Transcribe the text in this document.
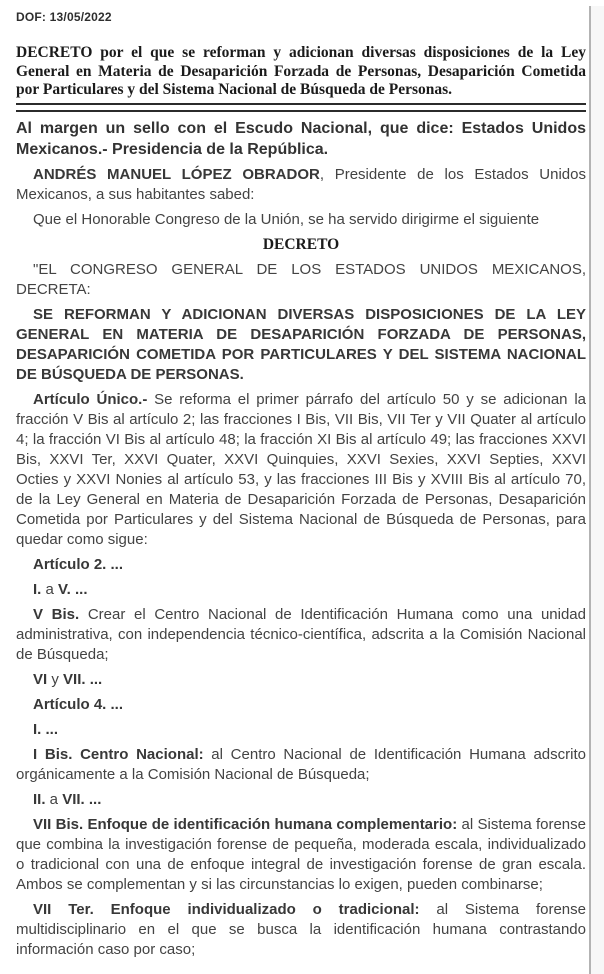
DOF: 13/05/2022
DECRETO por el que se reforman y adicionan diversas disposiciones de la Ley General en Materia de Desaparición Forzada de Personas, Desaparición Cometida por Particulares y del Sistema Nacional de Búsqueda de Personas.

Al margen un sello con el Escudo Nacional, que dice: Estados Unidos Mexicanos.- Presidencia de la República.

ANDRÉS MANUEL LÓPEZ OBRADOR, Presidente de los Estados Unidos Mexicanos, a sus habitantes sabed:

Que el Honorable Congreso de la Unión, se ha servido dirigirme el siguiente

DECRETO

"EL CONGRESO GENERAL DE LOS ESTADOS UNIDOS MEXICANOS, DECRETA:

SE REFORMAN Y ADICIONAN DIVERSAS DISPOSICIONES DE LA LEY GENERAL EN MATERIA DE DESAPARICIÓN FORZADA DE PERSONAS, DESAPARICIÓN COMETIDA POR PARTICULARES Y DEL SISTEMA NACIONAL DE BÚSQUEDA DE PERSONAS.

Artículo Único.- Se reforma el primer párrafo del artículo 50 y se adicionan la fracción V Bis al artículo 2; las fracciones I Bis, VII Bis, VII Ter y VII Quater al artículo 4; la fracción VI Bis al artículo 48; la fracción XI Bis al artículo 49; las fracciones XXVI Bis, XXVI Ter, XXVI Quater, XXVI Quinquies, XXVI Sexies, XXVI Septies, XXVI Octies y XXVI Nonies al artículo 53, y las fracciones III Bis y XVIII Bis al artículo 70, de la Ley General en Materia de Desaparición Forzada de Personas, Desaparición Cometida por Particulares y del Sistema Nacional de Búsqueda de Personas, para quedar como sigue:

Artículo 2. ...

I. a V. ...

V Bis. Crear el Centro Nacional de Identificación Humana como una unidad administrativa, con independencia técnico-científica, adscrita a la Comisión Nacional de Búsqueda;

VI y VII. ...

Artículo 4. ...

I. ...

I Bis. Centro Nacional: al Centro Nacional de Identificación Humana adscrito orgánicamente a la Comisión Nacional de Búsqueda;

II. a VII. ...

VII Bis. Enfoque de identificación humana complementario: al Sistema forense que combina la investigación forense de pequeña, moderada escala, individualizado o tradicional con una de enfoque integral de investigación forense de gran escala. Ambos se complementan y si las circunstancias lo exigen, pueden combinarse;

VII Ter. Enfoque individualizado o tradicional: al Sistema forense multidisciplinario en el que se busca la identificación humana contrastando información caso por caso;
